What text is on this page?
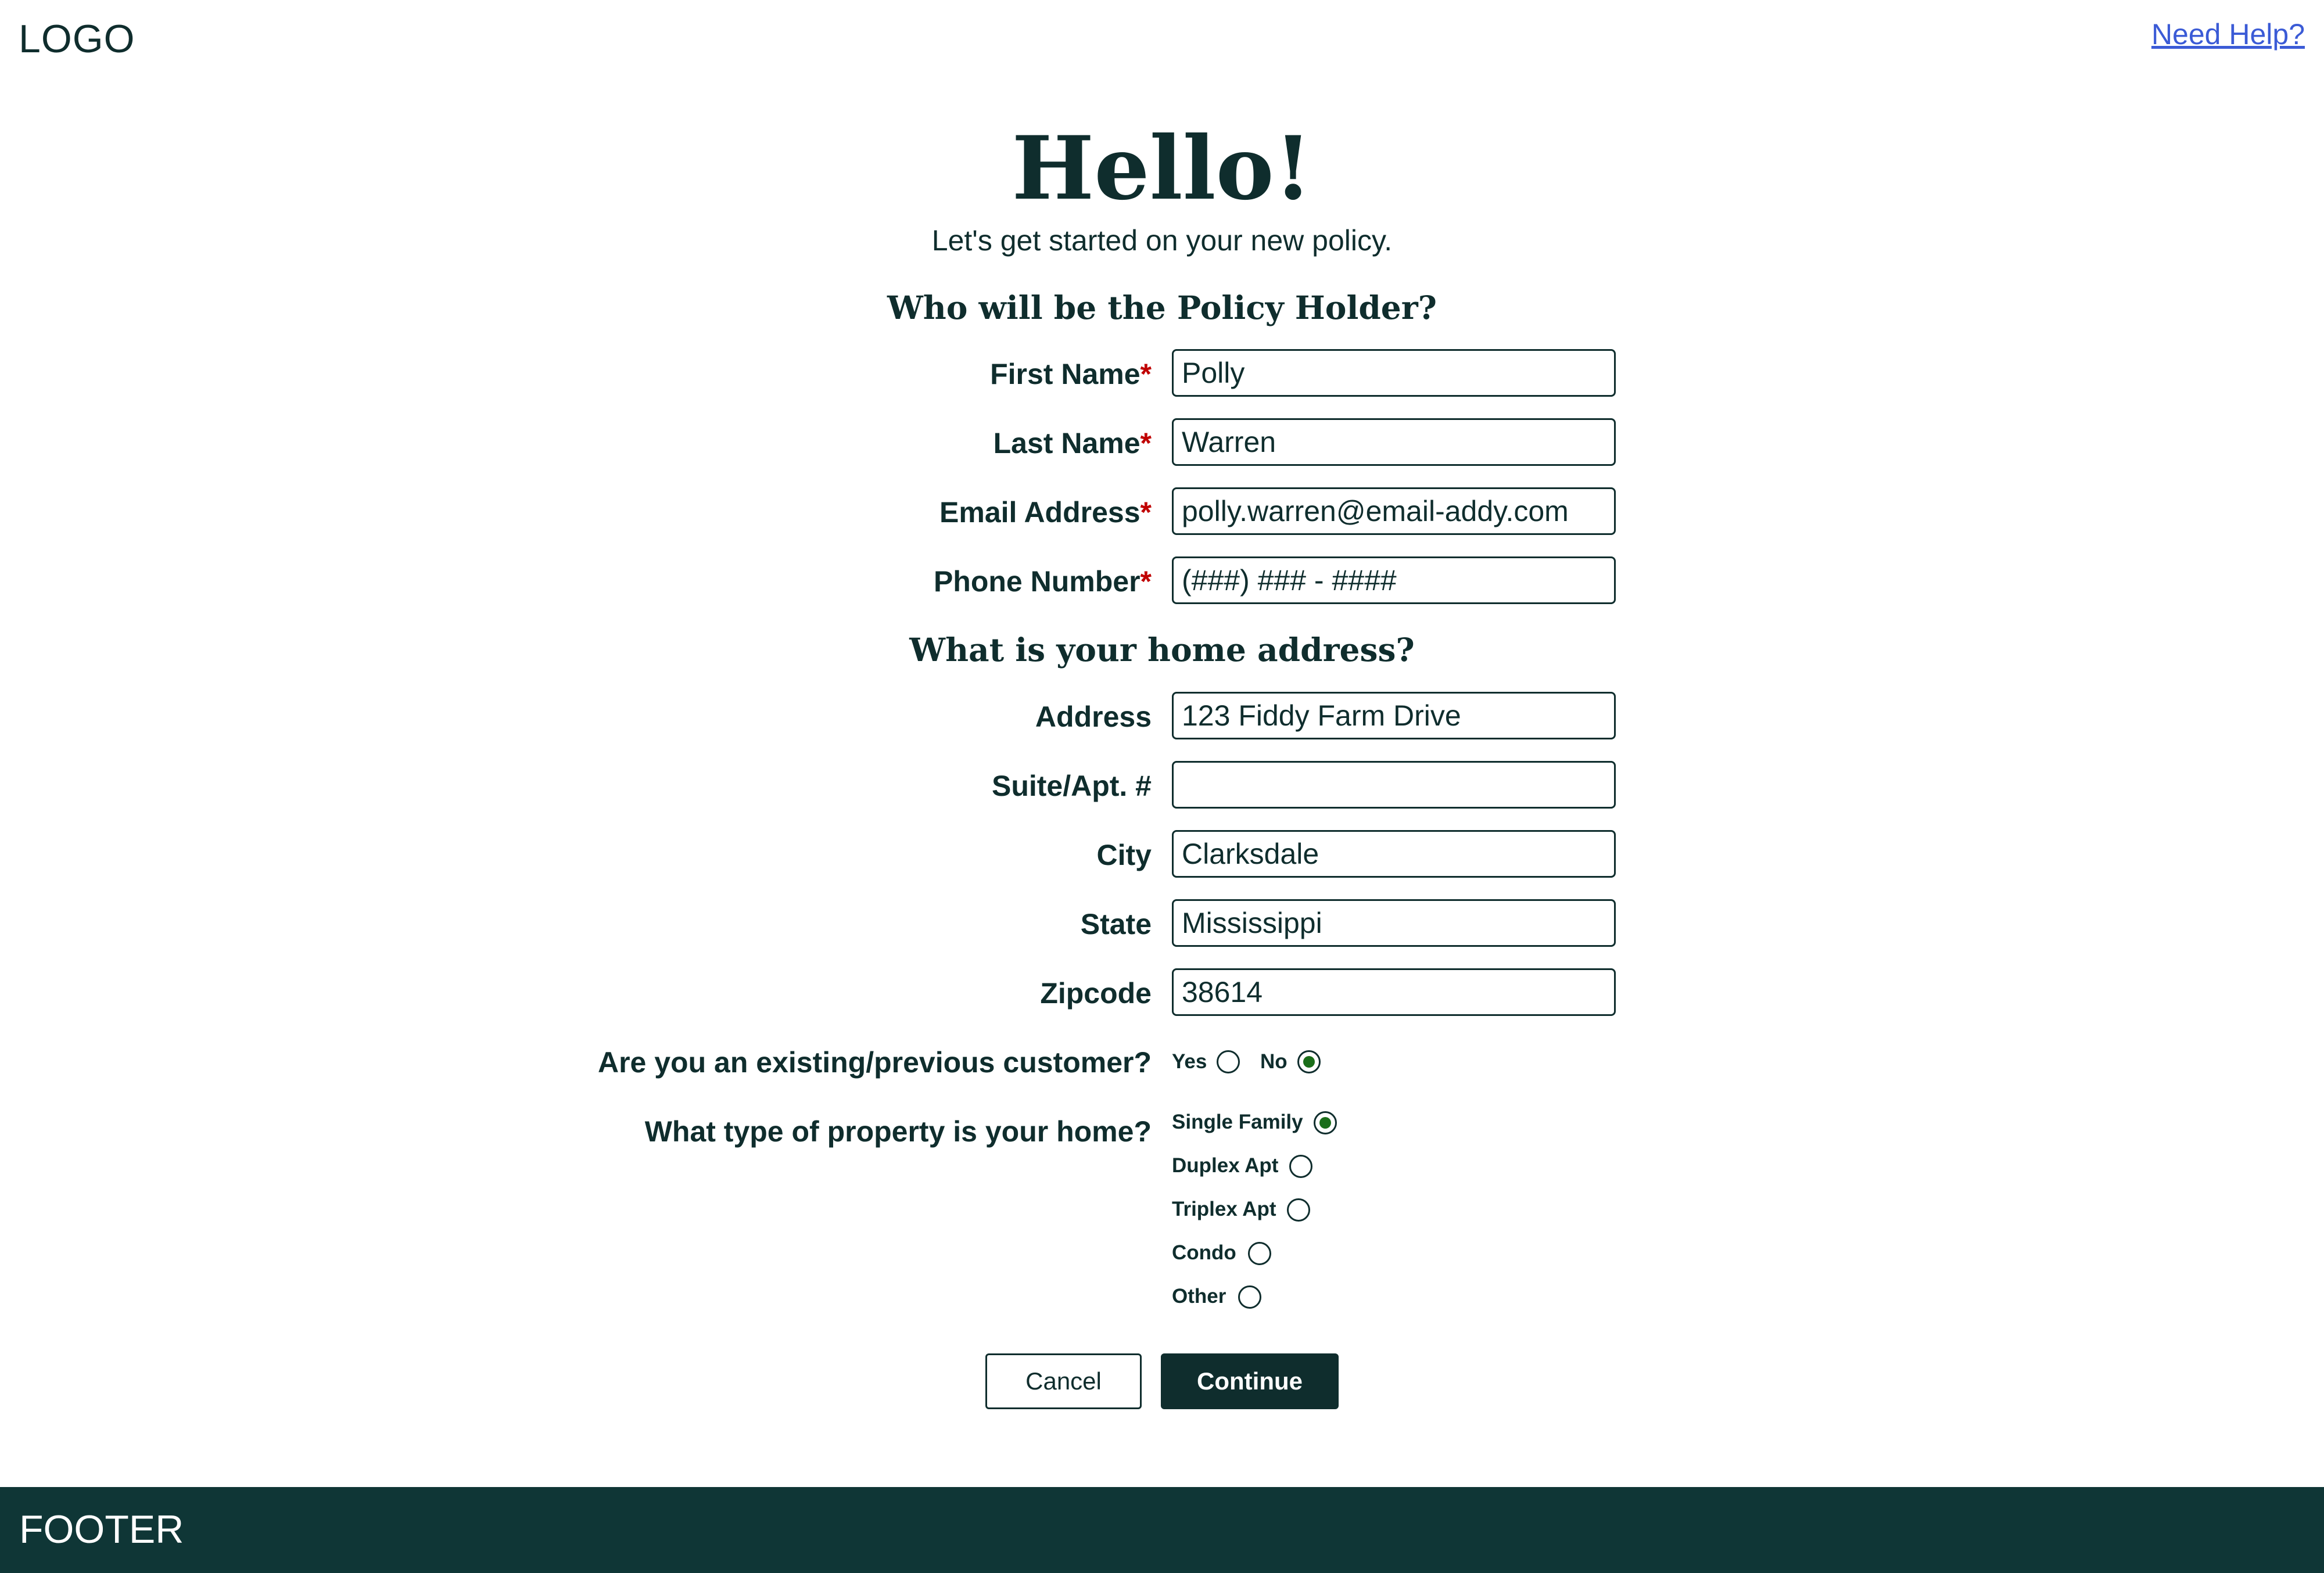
LOGO	Need Help?
Hello!
Let's get started on your new policy.
Who will be the Policy Holder?
First Name*	Polly
Last Name*	Warren
Email Address*	polly.warren@email-addy.com
Phone Number*	(###) ### - ####
What is your home address?
Address	123 Fiddy Farm Drive
Suite/Apt. #
City	Clarksdale
State	Mississippi
Zipcode	38614
Are you an existing/previous customer? Yes	No
What type of property is your home? Single Family
Duplex Apt
Triplex Apt
Condo
Other
Cancel	Continue
FOOTER
